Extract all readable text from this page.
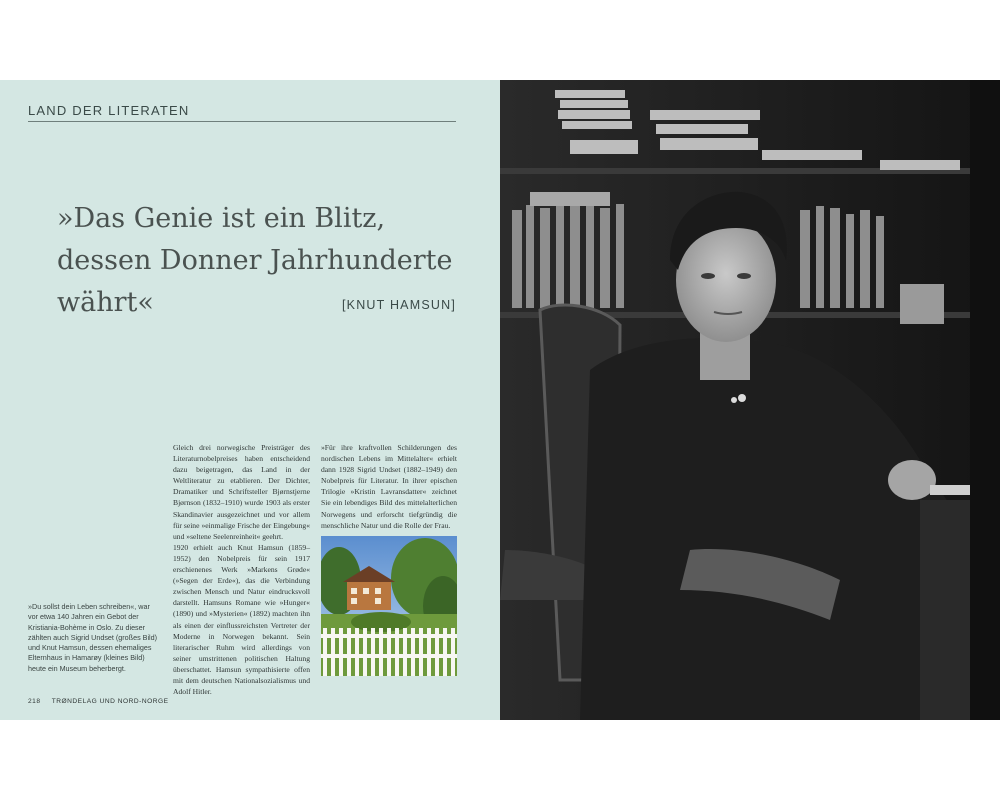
LAND DER LITERATEN

»Das Genie ist ein Blitz,
dessen Donner Jahrhunderte
währt«	[KNUT HAMSUN]

Gleich drei norwegische Preisträger des Literaturnobelpreises haben entscheidend dazu beigetragen, das Land in der Weltliteratur zu etablieren. Der Dichter, Dramatiker und Schriftsteller Bjørnstjerne Bjørnson (1832–1910) wurde 1903 als erster Skandinavier ausgezeichnet und vor allem für seine »einmalige Frische der Eingebung« und »seltene Seelenreinheit« geehrt.

1920 erhielt auch Knut Hamsun (1859–1952) den Nobelpreis für sein 1917 erschienenes Werk »Markens Grøde« (»Segen der Erde«), das die Verbindung zwischen Mensch und Natur eindrucksvoll darstellt. Hamsuns Romane wie »Hunger« (1890) und »Mysterien« (1892) machten ihn als einen der einflussreichsten Vertreter der Moderne in Norwegen bekannt. Sein literarischer Ruhm wird allerdings von seiner umstrittenen politischen Haltung überschattet. Hamsun sympathisierte offen mit dem deutschen Nationalsozialismus und Adolf Hitler.

»Für ihre kraftvollen Schilderungen des nordischen Lebens im Mittelalter« erhielt dann 1928 Sigrid Undset (1882–1949) den Nobelpreis für Literatur. In ihrer epischen Trilogie »Kristin Lavransdatter« zeichnet Sie ein lebendiges Bild des mittelalterlichen Norwegens und erforscht tiefgründig die menschliche Natur und die Rolle der Frau.

»Du sollst dein Leben schreiben«, war vor etwa 140 Jahren ein Gebot der Kristiania-Bohème in Oslo. Zu dieser zählten auch Sigrid Undset (großes Bild) und Knut Hamsun, dessen ehemaliges Elternhaus in Hamarøy (kleines Bild) heute ein Museum beherbergt.

218 TRØNDELAG UND NORD-NORGE
